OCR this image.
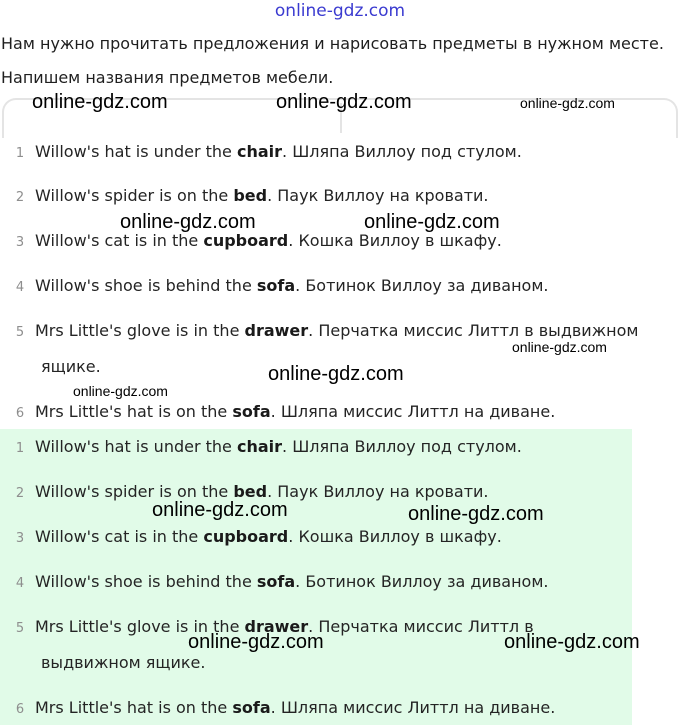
online-gdz.com
Нам нужно прочитать предложения и нарисовать предметы в нужном месте.
Напишем названия предметов мебели.
1 Willow's hat is under the chair. Шляпа Виллоу под стулом.
2 Willow's spider is on the bed. Паук Виллоу на кровати.
3 Willow's cat is in the cupboard. Кошка Виллоу в шкафу.
4 Willow's shoe is behind the sofa. Ботинок Виллоу за диваном.
5 Mrs Little's glove is in the drawer. Перчатка миссис Литтл в выдвижном
ящике.
6 Mrs Little's hat is on the sofa. Шляпа миссис Литтл на диване.
1 Willow's hat is under the chair. Шляпа Виллоу под стулом.
2 Willow's spider is on the bed. Паук Виллоу на кровати.
3 Willow's cat is in the cupboard. Кошка Виллоу в шкафу.
4 Willow's shoe is behind the sofa. Ботинок Виллоу за диваном.
5 Mrs Little's glove is in the drawer. Перчатка миссис Литтл в
выдвижном ящике.
6 Mrs Little's hat is on the sofa. Шляпа миссис Литтл на диване.
online-gdz.com	online-gdz.com	online-gdz.com
online-gdz.com	online-gdz.com
online-gdz.com
online-gdz.com
online-gdz.com
online-gdz.com	online-gdz.com
online-gdz.com	online-gdz.com
